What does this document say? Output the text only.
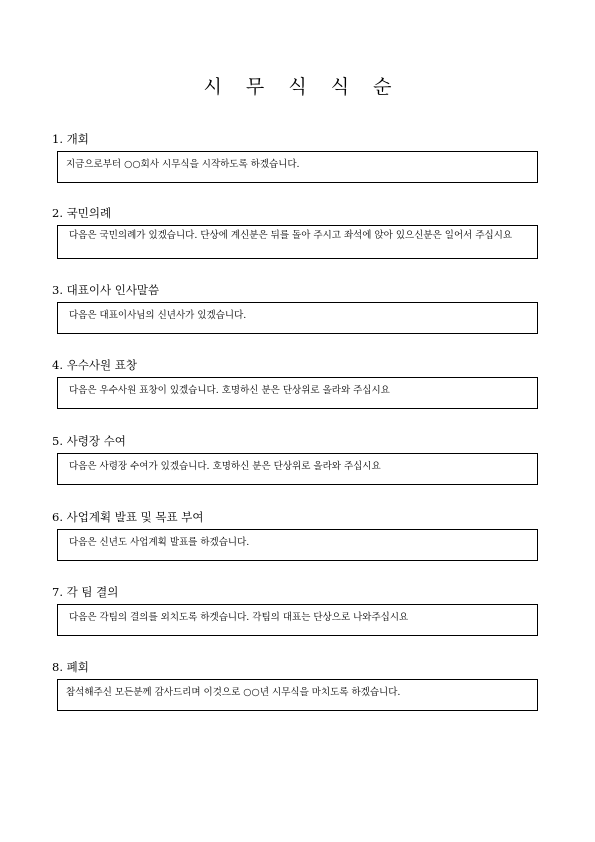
시 무 식 식 순
1. 개회
지금으로부터 ○○회사 시무식을 시작하도록 하겠습니다.
2. 국민의례
다음은 국민의례가 있겠습니다. 단상에 계신분은 뒤를 돌아 주시고 좌석에 앉아 있으신분은 일어서 주십시요
3. 대표이사 인사말씀
다음은 대표이사님의 신년사가 있겠습니다.
4. 우수사원 표창
다음은 우수사원 표창이 있겠습니다. 호명하신 분은 단상위로 올라와 주십시요
5. 사령장 수여
다음은 사령장 수여가 있겠습니다. 호명하신 분은 단상위로 올라와 주십시요
6. 사업계획 발표 및 목표 부여
다음은 신년도 사업계획 발표를 하겠습니다.
7. 각 팀 결의
다음은 각팀의 결의를 외치도록 하겟습니다. 각팀의 대표는 단상으로 나와주십시요
8. 폐회
참석해주신 모든분께 감사드리며 이것으로 ○○년 시무식을 마치도록 하겠습니다.
